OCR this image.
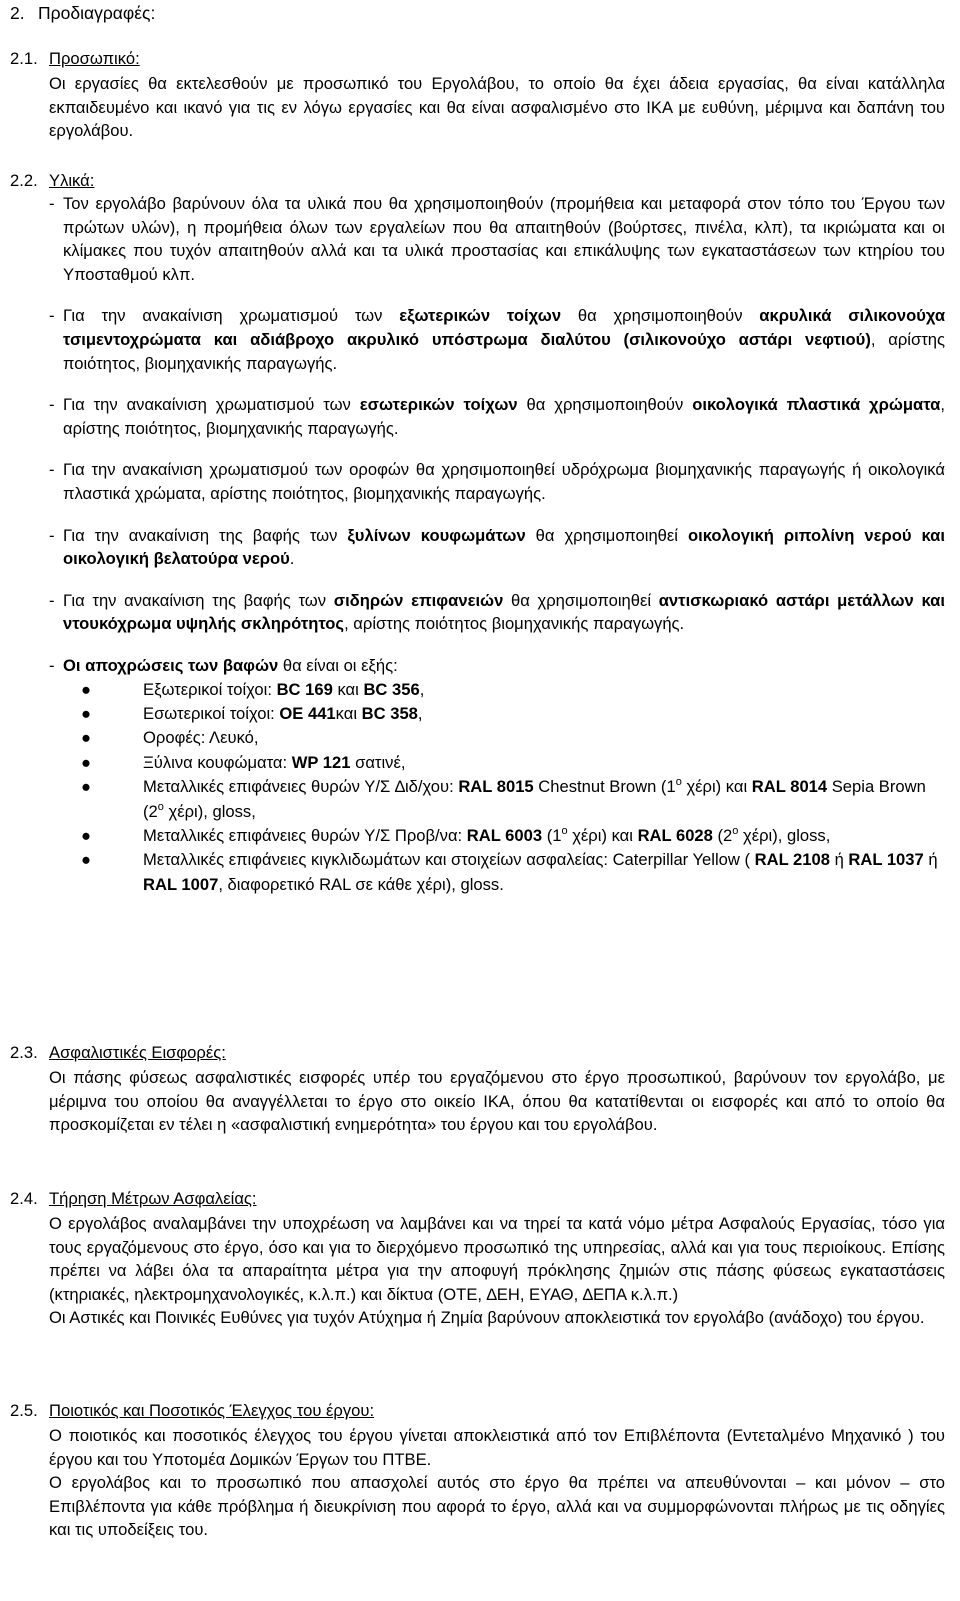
2. Προδιαγραφές:
2.1. Προσωπικό:
Οι εργασίες θα εκτελεσθούν με προσωπικό του Εργολάβου, το οποίο θα έχει άδεια εργασίας, θα είναι κατάλληλα εκπαιδευμένο και ικανό για τις εν λόγω εργασίες και θα είναι ασφαλισμένο στο ΙΚΑ με ευθύνη, μέριμνα και δαπάνη του εργολάβου.
2.2. Υλικά:
- Τον εργολάβο βαρύνουν όλα τα υλικά που θα χρησιμοποιηθούν (προμήθεια και μεταφορά στον τόπο του Έργου των πρώτων υλών), η προμήθεια όλων των εργαλείων που θα απαιτηθούν (βούρτσες, πινέλα, κλπ), τα ικριώματα και οι κλίμακες που τυχόν απαιτηθούν αλλά και τα υλικά προστασίας και επικάλυψης των εγκαταστάσεων των κτηρίου του Υποσταθμού κλπ.
- Για την ανακαίνιση χρωματισμού των εξωτερικών τοίχων θα χρησιμοποιηθούν ακρυλικά σιλικονούχα τσιμεντοχρώματα και αδιάβροχο ακρυλικό υπόστρωμα διαλύτου (σιλικονούχο αστάρι νεφτιού), αρίστης ποιότητος, βιομηχανικής παραγωγής.
- Για την ανακαίνιση χρωματισμού των εσωτερικών τοίχων θα χρησιμοποιηθούν οικολογικά πλαστικά χρώματα, αρίστης ποιότητος, βιομηχανικής παραγωγής.
- Για την ανακαίνιση χρωματισμού των οροφών θα χρησιμοποιηθεί υδρόχρωμα βιομηχανικής παραγωγής ή οικολογικά πλαστικά χρώματα, αρίστης ποιότητος, βιομηχανικής παραγωγής.
- Για την ανακαίνιση της βαφής των ξυλίνων κουφωμάτων θα χρησιμοποιηθεί οικολογική ριπολίνη νερού και οικολογική βελατούρα νερού.
- Για την ανακαίνιση της βαφής των σιδηρών επιφανειών θα χρησιμοποιηθεί αντισκωριακό αστάρι μετάλλων και ντουκόχρωμα υψηλής σκληρότητος, αρίστης ποιότητος βιομηχανικής παραγωγής.
- Οι αποχρώσεις των βαφών θα είναι οι εξής:
●	Εξωτερικοί τοίχοι: BC 169 και BC 356,
●	Εσωτερικοί τοίχοι: ΟΕ 441και BC 358,
●	Οροφές: Λευκό,
●	Ξύλινα κουφώματα: WP 121 σατινέ,
●	Μεταλλικές επιφάνειες θυρών Υ/Σ ∆ιδ/χου: RAL 8015 Chestnut Brown ($1^o$ χέρι) και RAL 8014 Sepia Brown ($2^o$ χέρι), gloss,
●	Μεταλλικές επιφάνειες θυρών Υ/Σ Προβ/να: RAL 6003 ($1^o$ χέρι) και RAL 6028 ($2^o$ χέρι), gloss,
●	Μεταλλικές επιφάνειες κιγκλιδωμάτων και στοιχείων ασφαλείας: Caterpillar Yellow ( RAL 2108 ή RAL 1037 ή RAL 1007, διαφορετικό RAL σε κάθε χέρι), gloss.
2.3. Ασφαλιστικές Εισφορές:
Οι πάσης φύσεως ασφαλιστικές εισφορές υπέρ του εργαζόμενου στο έργο προσωπικού, βαρύνουν τον εργολάβο, με μέριμνα του οποίου θα αναγγέλλεται το έργο στο οικείο ΙΚΑ, όπου θα κατατίθενται οι εισφορές και από το οποίο θα προσκομίζεται εν τέλει η «ασφαλιστική ενημερότητα» του έργου και του εργολάβου.
2.4. Τήρηση Μέτρων Ασφαλείας:
Ο εργολάβος αναλαμβάνει την υποχρέωση να λαμβάνει και να τηρεί τα κατά νόμο μέτρα Ασφαλούς Εργασίας, τόσο για τους εργαζόμενους στο έργο, όσο και για το διερχόμενο προσωπικό της υπηρεσίας, αλλά και για τους περιοίκους. Επίσης πρέπει να λάβει όλα τα απαραίτητα μέτρα για την αποφυγή πρόκλησης ζημιών στις πάσης φύσεως εγκαταστάσεις (κτηριακές, ηλεκτρομηχανολογικές, κ.λ.π.) και δίκτυα (ΟΤΕ, ∆ΕΗ, ΕΥΑΘ, ∆ΕΠΑ κ.λ.π.)
Οι Αστικές και Ποινικές Ευθύνες για τυχόν Ατύχημα ή Ζημία βαρύνουν αποκλειστικά τον εργολάβο (ανάδοχο) του έργου.
2.5. Ποιοτικός και Ποσοτικός Έλεγχος του έργου:
Ο ποιοτικός και ποσοτικός έλεγχος του έργου γίνεται αποκλειστικά από τον Επιβλέποντα (Εντεταλμένο Μηχανικό ) του έργου και του Υποτομέα ∆ομικών Έργων του ΠΤΒΕ.
Ο εργολάβος και το προσωπικό που απασχολεί αυτός στο έργο θα πρέπει να απευθύνονται – και μόνον – στο Επιβλέποντα για κάθε πρόβλημα ή διευκρίνιση που αφορά το έργο, αλλά και να συμμορφώνονται πλήρως με τις οδηγίες και τις υποδείξεις του.
